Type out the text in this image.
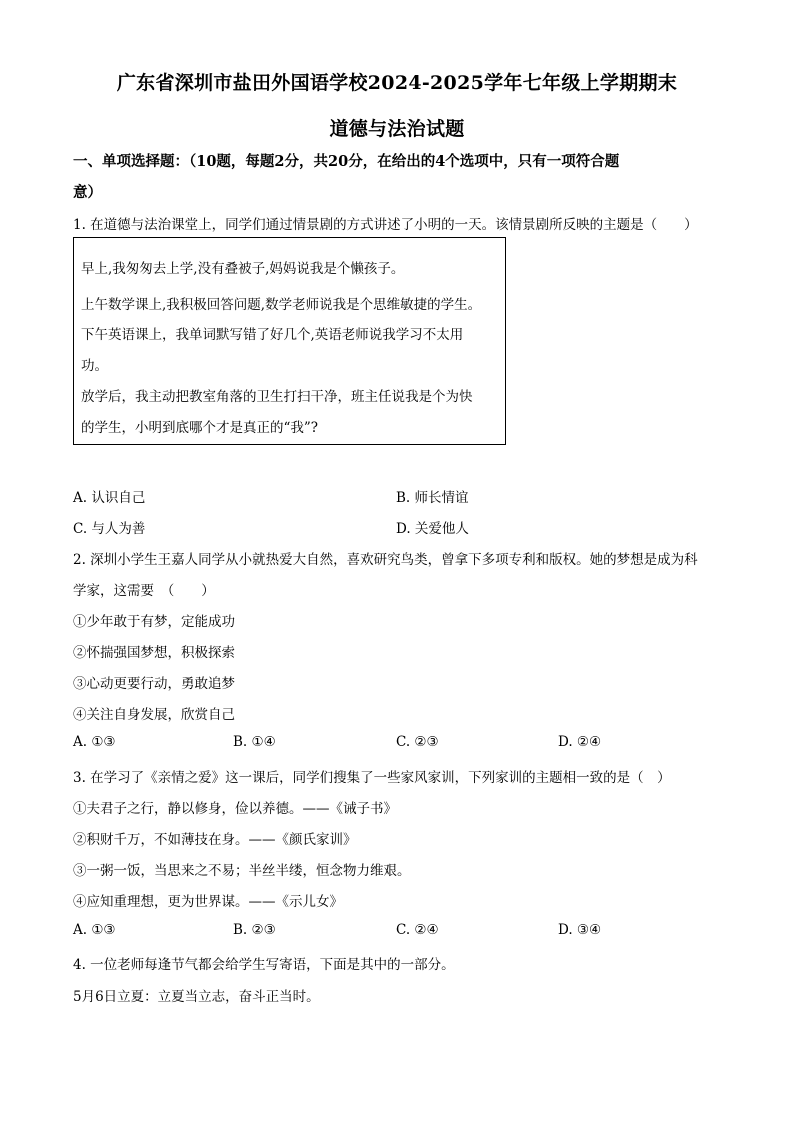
广东省深圳市盐田外国语学校2024-2025学年七年级上学期期末
道德与法治试题
一、单项选择题：（10题，每题2分，共20分，在给出的4个选项中，只有一项符合题
意）
1. 在道德与法治课堂上，同学们通过情景剧的方式讲述了小明的一天。该情景剧所反映的主题是（　　）
早上,我匆匆去上学,没有叠被子,妈妈说我是个懒孩子。
上午数学课上,我积极回答问题,数学老师说我是个思维敏捷的学生。
下午英语课上，我单词默写错了好几个,英语老师说我学习不太用
功。
放学后，我主动把教室角落的卫生打扫干净，班主任说我是个为快
的学生，小明到底哪个才是真正的“我”?
A. 认识自己	B. 师长情谊
C. 与人为善	D. 关爱他人
2. 深圳小学生王嘉人同学从小就热爱大自然，喜欢研究鸟类，曾拿下多项专利和版权。她的梦想是成为科
学家，这需要　（　　）
①少年敢于有梦，定能成功
②怀揣强国梦想，积极探索
③心动更要行动，勇敢追梦
④关注自身发展，欣赏自己
A. ①③	B. ①④	C. ②③	D. ②④
3. 在学习了《亲情之爱》这一课后，同学们搜集了一些家风家训，下列家训的主题相一致的是（　）
①夫君子之行，静以修身，俭以养德。——《诫子书》
②积财千万，不如薄技在身。——《颜氏家训》
③一粥一饭，当思来之不易；半丝半缕，恒念物力维艰。
④应知重理想，更为世界谋。——《示儿女》
A. ①③	B. ②③	C. ②④	D. ③④
4. 一位老师每逢节气都会给学生写寄语，下面是其中的一部分。
5月6日立夏：立夏当立志，奋斗正当时。
